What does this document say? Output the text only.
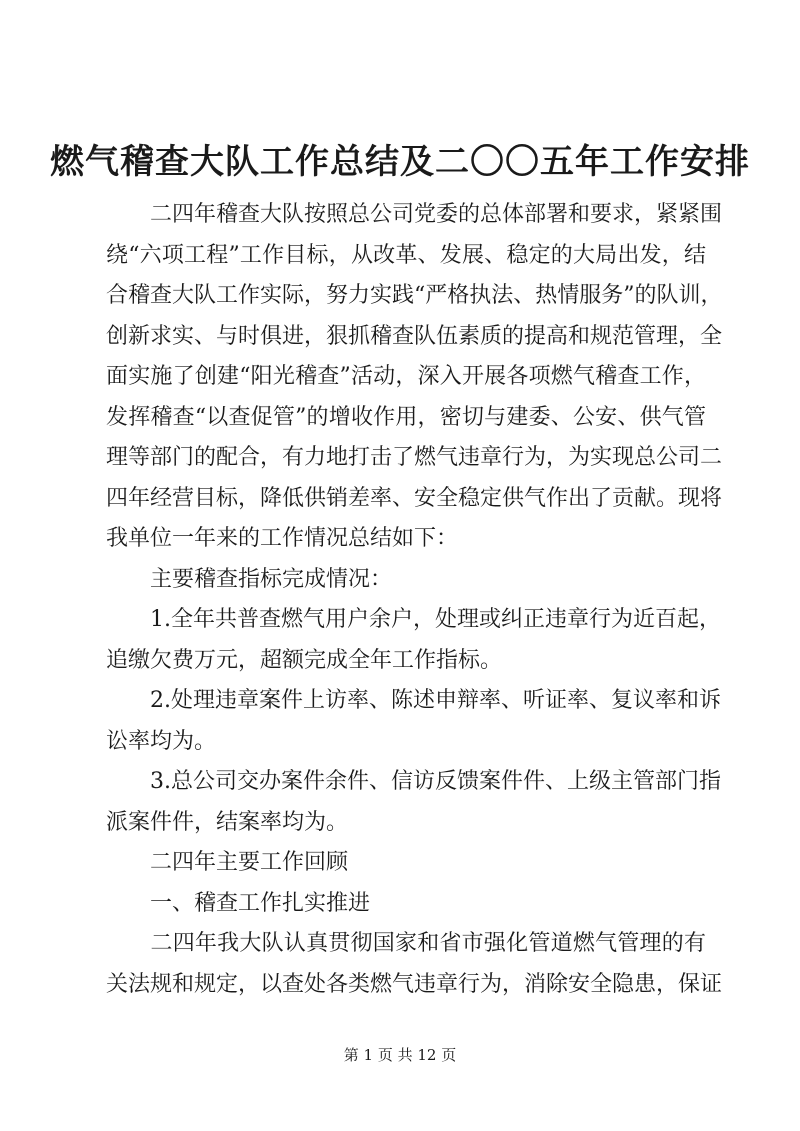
燃气稽查大队工作总结及二〇〇五年工作安排
　　二四年稽查大队按照总公司党委的总体部署和要求，紧紧围
绕“六项工程”工作目标，从改革、发展、稳定的大局出发，结
合稽查大队工作实际，努力实践“严格执法、热情服务”的队训，
创新求实、与时俱进，狠抓稽查队伍素质的提高和规范管理，全
面实施了创建“阳光稽查”活动，深入开展各项燃气稽查工作，
发挥稽查“以查促管”的增收作用，密切与建委、公安、供气管
理等部门的配合，有力地打击了燃气违章行为，为实现总公司二
四年经营目标，降低供销差率、安全稳定供气作出了贡献。现将
我单位一年来的工作情况总结如下：
　　主要稽查指标完成情况：
　　1.全年共普查燃气用户余户，处理或纠正违章行为近百起，
追缴欠费万元，超额完成全年工作指标。
　　2.处理违章案件上访率、陈述申辩率、听证率、复议率和诉
讼率均为。
　　3.总公司交办案件余件、信访反馈案件件、上级主管部门指
派案件件，结案率均为。
　　二四年主要工作回顾
　　一、稽查工作扎实推进
　　二四年我大队认真贯彻国家和省市强化管道燃气管理的有
第 1 页 共 12 页
关法规和规定，以查处各类燃气违章行为，消除安全隐患，保证
